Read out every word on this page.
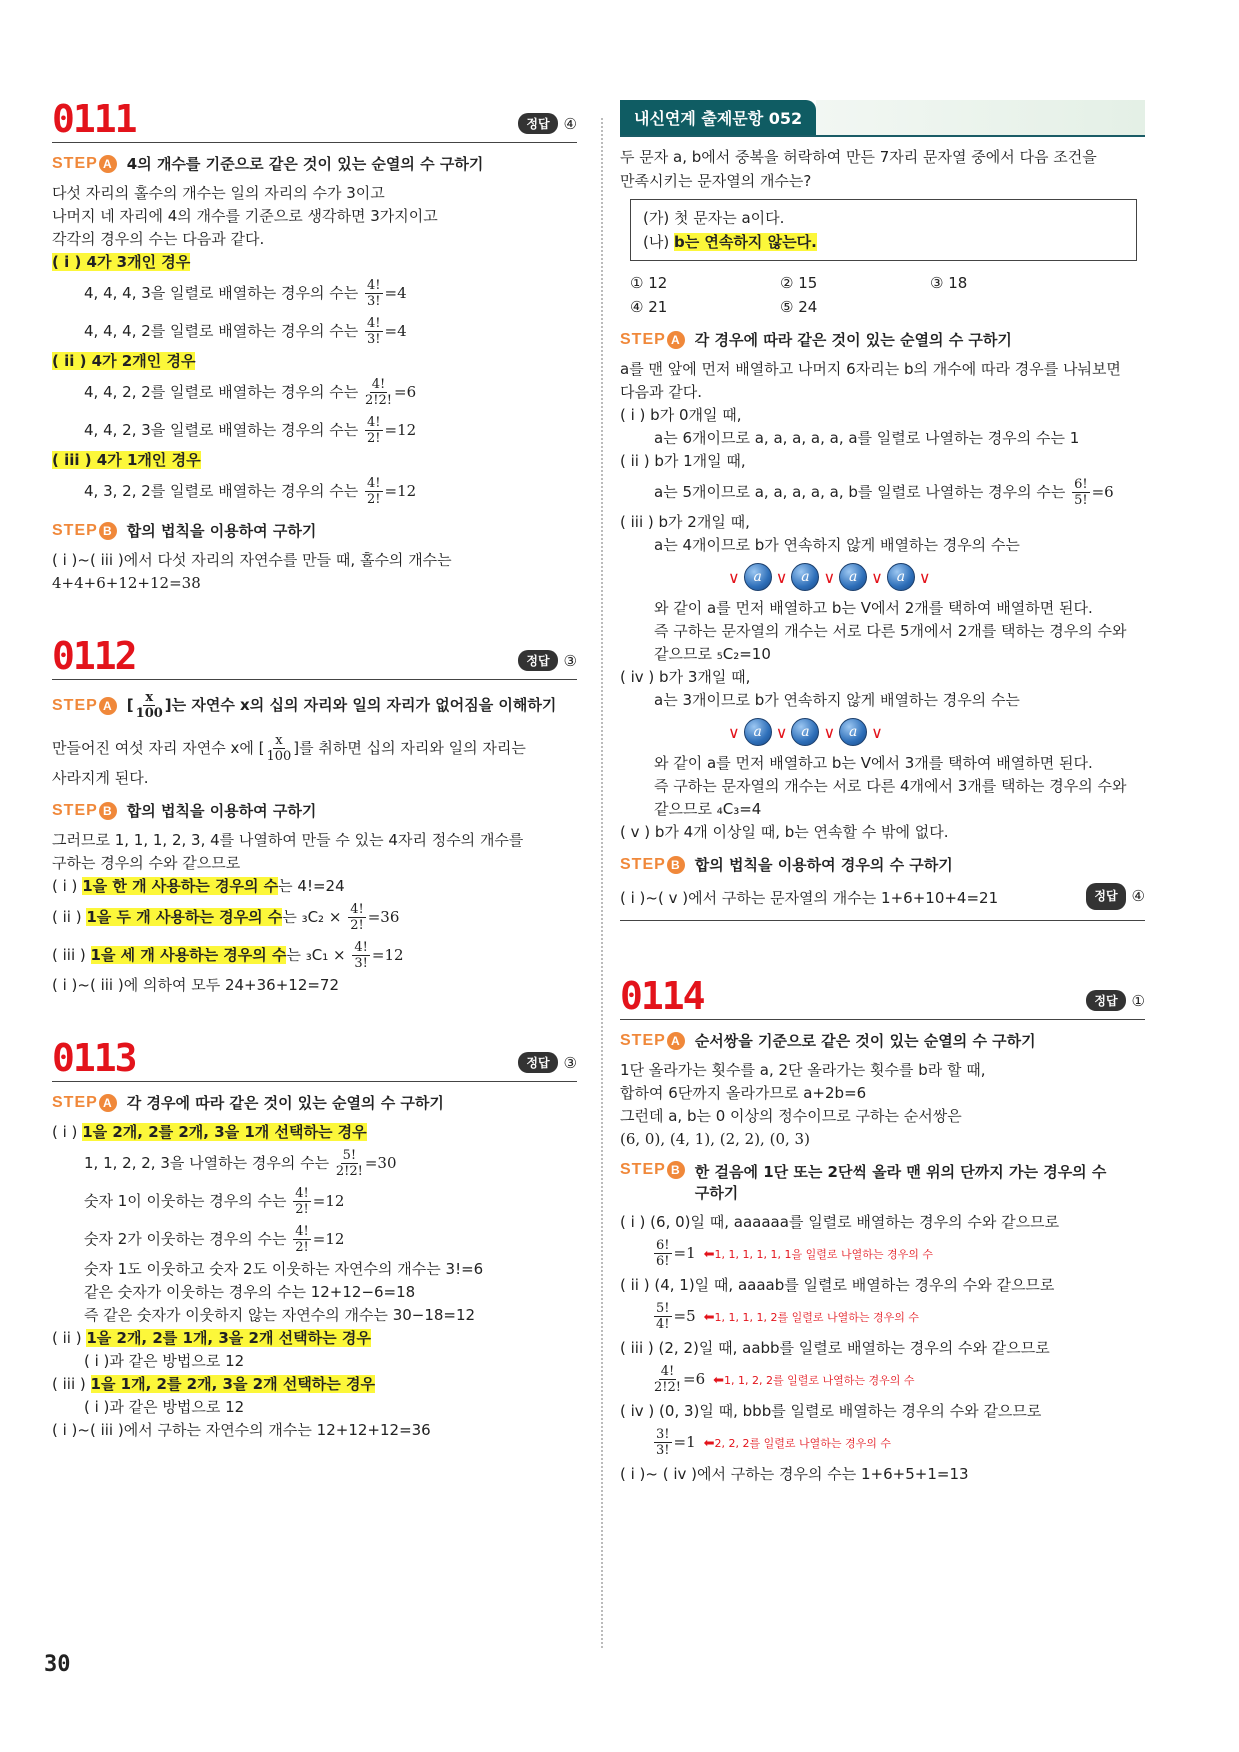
0111	정답 ④
STEP A 4의 개수를 기준으로 같은 것이 있는 순열의 수 구하기
다섯 자리의 홀수의 개수는 일의 자리의 수가 3이고
나머지 네 자리에 4의 개수를 기준으로 생각하면 3가지이고
각각의 경우의 수는 다음과 같다.
( i ) 4가 3개인 경우
4, 4, 4, 3을 일렬로 배열하는 경우의 수는 $\frac{4!}{3!} =4$
4, 4, 4, 2를 일렬로 배열하는 경우의 수는 $\frac{4!}{3!} =4$
( ii ) 4가 2개인 경우
4, 4, 2, 2를 일렬로 배열하는 경우의 수는 $\frac{4!}{2!2!} =6$
4, 4, 2, 3을 일렬로 배열하는 경우의 수는 $\frac{4!}{2!} =12$
( iii ) 4가 1개인 경우
4, 3, 2, 2를 일렬로 배열하는 경우의 수는 $\frac{4!}{2!} =12$
STEP B 합의 법칙을 이용하여 구하기
( i )~( iii )에서 다섯 자리의 자연수를 만들 때, 홀수의 개수는
4+4+6+12+12=38
0112	정답 ③
STEP A [ $\frac{x}{100}$ ]는 자연수 x의 십의 자리와 일의 자리가 없어짐을 이해하기
만들어진 여섯 자리 자연수 x에 [ $\frac{x}{100}$ ]를 취하면 십의 자리와 일의 자리는
사라지게 된다.
STEP B 합의 법칙을 이용하여 구하기
그러므로 1, 1, 1, 2, 3, 4를 나열하여 만들 수 있는 4자리 정수의 개수를
구하는 경우의 수와 같으므로
( i ) 1을 한 개 사용하는 경우의 수는 4!=24
( ii ) 1을 두 개 사용하는 경우의 수는 $_3C_2 \times \frac{4!}{2!} =36$
( iii ) 1을 세 개 사용하는 경우의 수는 $_3C_1 \times \frac{4!}{3!} =12$
( i )~( iii )에 의하여 모두 24+36+12=72
0113	정답 ③
STEP A 각 경우에 따라 같은 것이 있는 순열의 수 구하기
( i ) 1을 2개, 2를 2개, 3을 1개 선택하는 경우
1, 1, 2, 2, 3을 나열하는 경우의 수는 $\frac{5!}{2!2!} =30$
숫자 1이 이웃하는 경우의 수는 $\frac{4!}{2!} =12$
숫자 2가 이웃하는 경우의 수는 $\frac{4!}{2!} =12$
숫자 1도 이웃하고 숫자 2도 이웃하는 자연수의 개수는 3!=6
같은 숫자가 이웃하는 경우의 수는 12+12−6=18
즉 같은 숫자가 이웃하지 않는 자연수의 개수는 30−18=12
( ii ) 1을 2개, 2를 1개, 3을 2개 선택하는 경우
( i )과 같은 방법으로 12
( iii ) 1을 1개, 2를 2개, 3을 2개 선택하는 경우
( i )과 같은 방법으로 12
( i )~( iii )에서 구하는 자연수의 개수는 12+12+12=36
내신연계 출제문항 052
두 문자 a, b에서 중복을 허락하여 만든 7자리 문자열 중에서 다음 조건을
만족시키는 문자열의 개수는?
(가) 첫 문자는 a이다.
(나) b는 연속하지 않는다.
① 12	② 15	③ 18
④ 21	⑤ 24
STEP A 각 경우에 따라 같은 것이 있는 순열의 수 구하기
a를 맨 앞에 먼저 배열하고 나머지 6자리는 b의 개수에 따라 경우를 나눠보면
다음과 같다.
( i ) b가 0개일 때,
a는 6개이므로 a, a, a, a, a, a를 일렬로 나열하는 경우의 수는 1
( ii ) b가 1개일 때,
a는 5개이므로 a, a, a, a, a, b를 일렬로 나열하는 경우의 수는 $\frac{6!}{5!} =6$
( iii ) b가 2개일 때,
a는 4개이므로 b가 연속하지 않게 배열하는 경우의 수는
∨ a ∨ a ∨ a ∨ a ∨
와 같이 a를 먼저 배열하고 b는 V에서 2개를 택하여 배열하면 된다.
즉 구하는 문자열의 개수는 서로 다른 5개에서 2개를 택하는 경우의 수와
같으므로 ₅C₂=10
( iv ) b가 3개일 때,
a는 3개이므로 b가 연속하지 않게 배열하는 경우의 수는
∨ a ∨ a ∨ a ∨
와 같이 a를 먼저 배열하고 b는 V에서 3개를 택하여 배열하면 된다.
즉 구하는 문자열의 개수는 서로 다른 4개에서 3개를 택하는 경우의 수와
같으므로 ₄C₃=4
( v ) b가 4개 이상일 때, b는 연속할 수 밖에 없다.
STEP B 합의 법칙을 이용하여 경우의 수 구하기
( i )~( v )에서 구하는 문자열의 개수는 1+6+10+4=21	정답 ④
0114	정답 ①
STEP A 순서쌍을 기준으로 같은 것이 있는 순열의 수 구하기
1단 올라가는 횟수를 a, 2단 올라가는 횟수를 b라 할 때,
합하여 6단까지 올라가므로 a+2b=6
그런데 a, b는 0 이상의 정수이므로 구하는 순서쌍은
(6, 0), (4, 1), (2, 2), (0, 3)
STEP B 한 걸음에 1단 또는 2단씩 올라 맨 위의 단까지 가는 경우의 수
구하기
( i ) (6, 0)일 때, aaaaaa를 일렬로 배열하는 경우의 수와 같으므로
$\frac{6!}{6!} =1$ ⬅1, 1, 1, 1, 1, 1을 일렬로 나열하는 경우의 수
( ii ) (4, 1)일 때, aaaab를 일렬로 배열하는 경우의 수와 같으므로
$\frac{5!}{4!} =5$ ⬅1, 1, 1, 1, 2를 일렬로 나열하는 경우의 수
( iii ) (2, 2)일 때, aabb를 일렬로 배열하는 경우의 수와 같으므로
$\frac{4!}{2!2!} =6$ ⬅1, 1, 2, 2를 일렬로 나열하는 경우의 수
( iv ) (0, 3)일 때, bbb를 일렬로 배열하는 경우의 수와 같으므로
$\frac{3!}{3!} =1$ ⬅2, 2, 2를 일렬로 나열하는 경우의 수
( i )~ ( iv )에서 구하는 경우의 수는 1+6+5+1=13
30
